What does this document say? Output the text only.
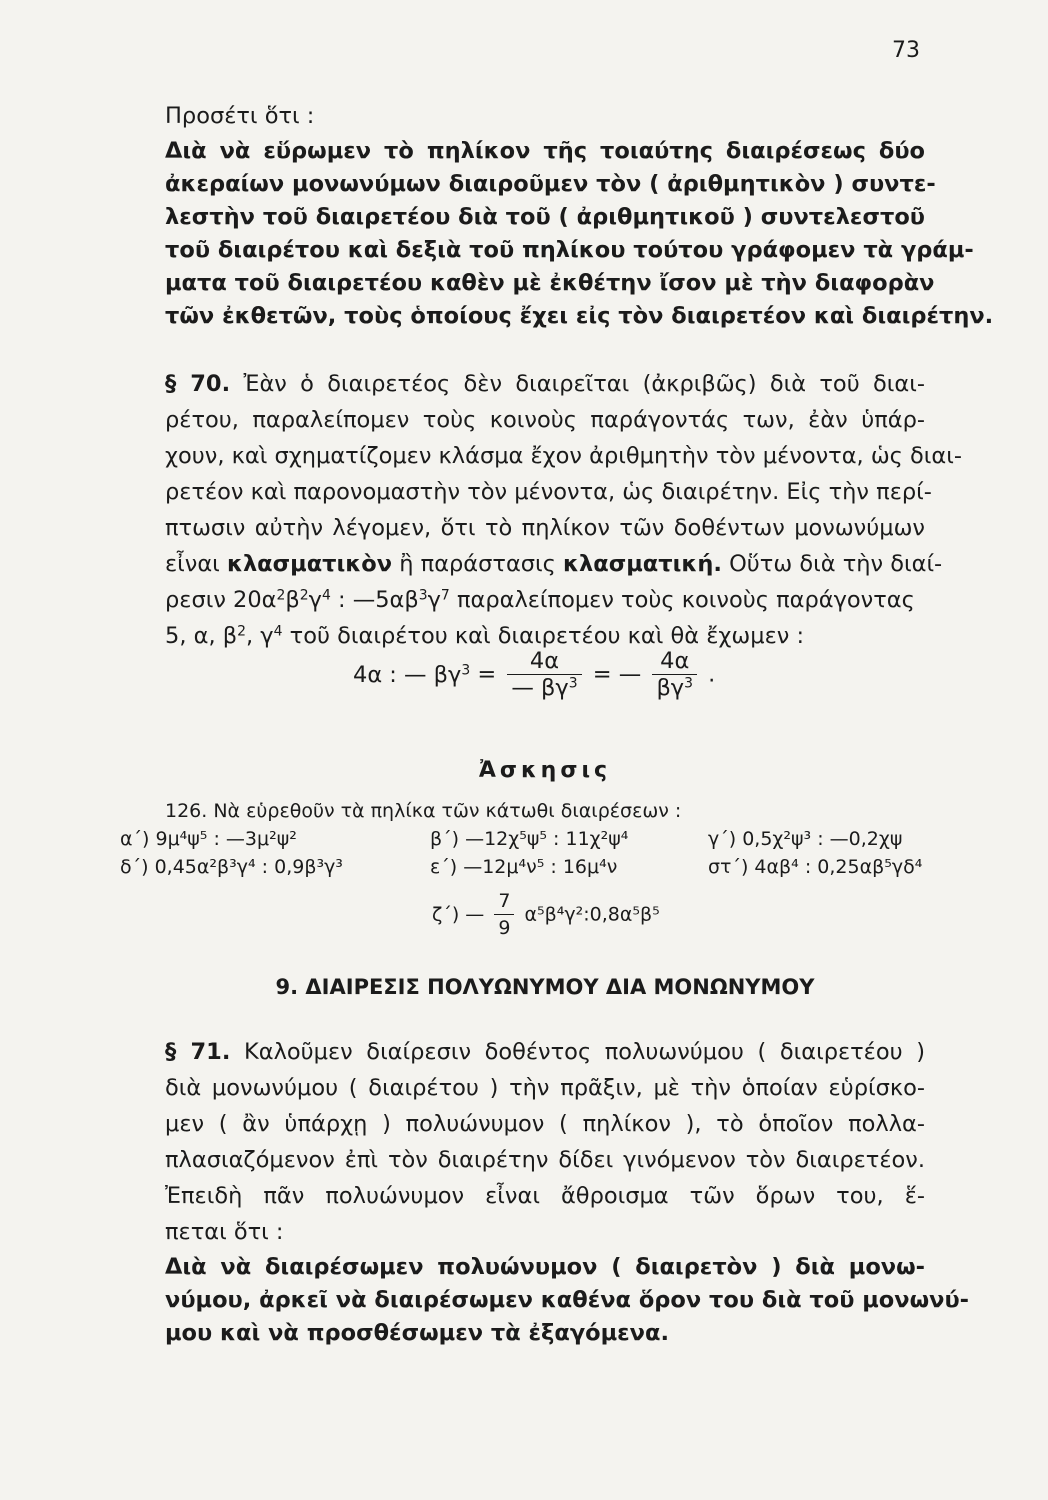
73
Προσέτι ὅτι :
Διὰ νὰ εὕρωμεν τὸ πηλίκον τῆς τοιαύτης διαιρέσεως δύο
ἀκεραίων μονωνύμων διαιροῦμεν τὸν ( ἀριθμητικὸν ) συντε-
λεστὴν τοῦ διαιρετέου διὰ τοῦ ( ἀριθμητικοῦ ) συντελεστοῦ
τοῦ διαιρέτου καὶ δεξιὰ τοῦ πηλίκου τούτου γράφομεν τὰ γράμ-
ματα τοῦ διαιρετέου καθὲν μὲ ἐκθέτην ἴσον μὲ τὴν διαφορὰν
τῶν ἐκθετῶν, τοὺς ὁποίους ἔχει εἰς τὸν διαιρετέον καὶ διαιρέτην.
§ 70. Ἐὰν ὁ διαιρετέος δὲν διαιρεῖται (ἀκριβῶς) διὰ τοῦ διαι-
ρέτου, παραλείπομεν τοὺς κοινοὺς παράγοντάς των, ἐὰν ὑπάρ-
χουν, καὶ σχηματίζομεν κλάσμα ἔχον ἀριθμητὴν τὸν μένοντα, ὡς διαι-
ρετέον καὶ παρονομαστὴν τὸν μένοντα, ὡς διαιρέτην. Εἰς τὴν περί-
πτωσιν αὐτὴν λέγομεν, ὅτι τὸ πηλίκον τῶν δοθέντων μονωνύμων
εἶναι κλασματικὸν ἢ παράστασις κλασματική. Οὕτω διὰ τὴν διαί-
ρεσιν $20\alpha^2\beta^2\gamma^4$ : $—5\alpha\beta^3\gamma^7$ παραλείπομεν τοὺς κοινοὺς παράγοντας
5, α, $\beta^2$, $\gamma^4$ τοῦ διαιρέτου καὶ διαιρετέου καὶ θὰ ἔχωμεν :
4α : — $\beta\gamma^3 = \frac{4\alpha}{— \beta\gamma^3}$ = — $\frac{4\alpha}{\beta\gamma^3}$ .
Ἀσκησις
126. Νὰ εὑρεθοῦν τὰ πηλίκα τῶν κάτωθι διαιρέσεων :
α΄) 9μ⁴ψ⁵ : —3μ²ψ²	β΄) —12χ⁵ψ⁵ : 11χ²ψ⁴	γ΄) 0,5χ²ψ³ : —0,2χψ
δ΄) 0,45α²β³γ⁴ : 0,9β³γ³	ε΄) —12μ⁴ν⁵ : 16μ⁴ν	στ΄) 4αβ⁴ : 0,25αβ⁵γδ⁴
ζ΄) — $\frac{7}{9}$ α⁵β⁴γ²:0,8α⁵β⁵
9. ΔΙΑΙΡΕΣΙΣ ΠΟΛΥΩΝΥΜΟΥ ΔΙΑ ΜΟΝΩΝΥΜΟΥ
§ 71. Καλοῦμεν διαίρεσιν δοθέντος πολυωνύμου ( διαιρετέου )
διὰ μονωνύμου ( διαιρέτου ) τὴν πρᾶξιν, μὲ τὴν ὁποίαν εὑρίσκο-
μεν ( ἂν ὑπάρχῃ ) πολυώνυμον ( πηλίκον ), τὸ ὁποῖον πολλα-
πλασιαζόμενον ἐπὶ τὸν διαιρέτην δίδει γινόμενον τὸν διαιρετέον.
Ἐπειδὴ πᾶν πολυώνυμον εἶναι ἄθροισμα τῶν ὅρων του, ἕ-
πεται ὅτι :
Διὰ νὰ διαιρέσωμεν πολυώνυμον ( διαιρετὸν ) διὰ μονω-
νύμου, ἀρκεῖ νὰ διαιρέσωμεν καθένα ὅρον του διὰ τοῦ μονωνύ-
μου καὶ νὰ προσθέσωμεν τὰ ἐξαγόμενα.
